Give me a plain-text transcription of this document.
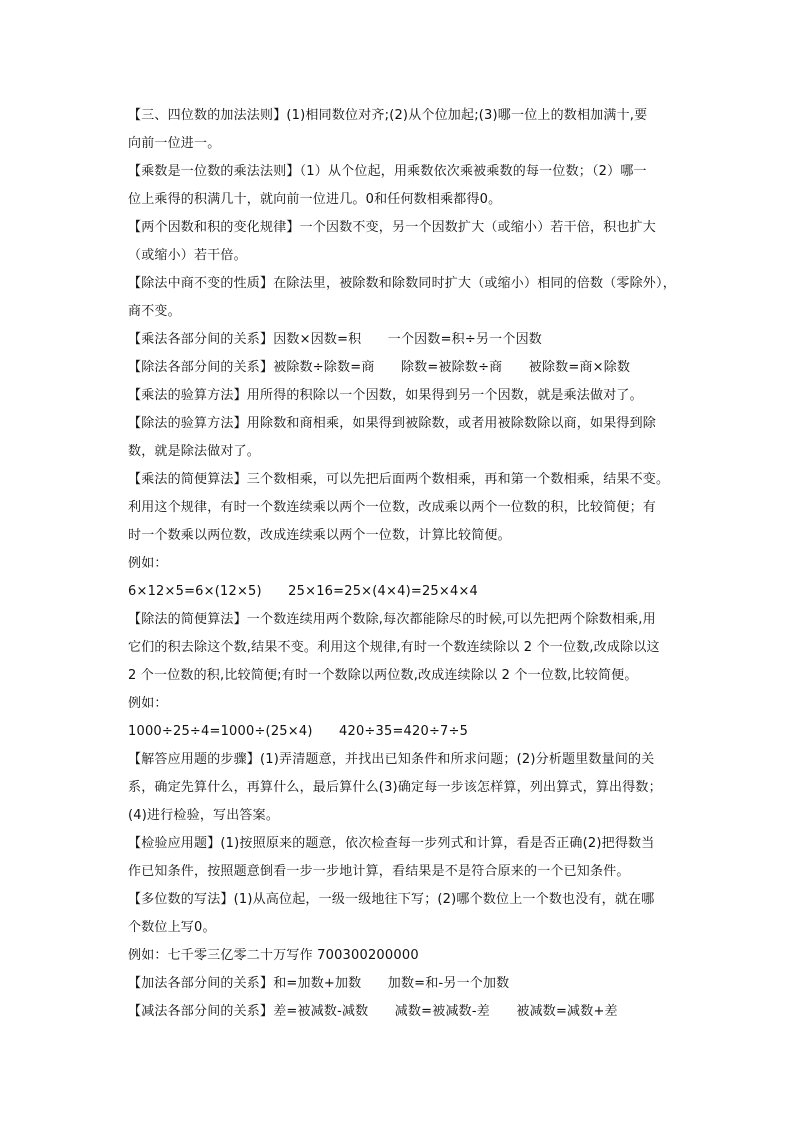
【三、四位数的加法法则】(1)相同数位对齐;(2)从个位加起;(3)哪一位上的数相加满十,要
向前一位进一。
【乘数是一位数的乘法法则】（1）从个位起，用乘数依次乘被乘数的每一位数；（2）哪一
位上乘得的积满几十，就向前一位进几。0和任何数相乘都得0。
【两个因数和积的变化规律】一个因数不变，另一个因数扩大（或缩小）若干倍，积也扩大
（或缩小）若干倍。
【除法中商不变的性质】在除法里，被除数和除数同时扩大（或缩小）相同的倍数（零除外），
商不变。
【乘法各部分间的关系】因数×因数=积　　一个因数=积÷另一个因数
【除法各部分间的关系】被除数÷除数=商　　除数=被除数÷商　　被除数=商×除数
【乘法的验算方法】用所得的积除以一个因数，如果得到另一个因数，就是乘法做对了。
【除法的验算方法】用除数和商相乘，如果得到被除数，或者用被除数除以商，如果得到除
数，就是除法做对了。
【乘法的简便算法】三个数相乘，可以先把后面两个数相乘，再和第一个数相乘，结果不变。
利用这个规律，有时一个数连续乘以两个一位数，改成乘以两个一位数的积，比较简便；有
时一个数乘以两位数，改成连续乘以两个一位数，计算比较简便。
例如：
6×12×5=6×(12×5)　　25×16=25×(4×4)=25×4×4
【除法的简便算法】一个数连续用两个数除,每次都能除尽的时候,可以先把两个除数相乘,用
它们的积去除这个数,结果不变。利用这个规律,有时一个数连续除以 2 个一位数,改成除以这
2 个一位数的积,比较简便;有时一个数除以两位数,改成连续除以 2 个一位数,比较简便。
例如：
1000÷25÷4=1000÷(25×4)　　420÷35=420÷7÷5
【解答应用题的步骤】(1)弄清题意，并找出已知条件和所求问题；(2)分析题里数量间的关
系，确定先算什么，再算什么，最后算什么(3)确定每一步该怎样算，列出算式，算出得数；
(4)进行检验，写出答案。
【检验应用题】(1)按照原来的题意，依次检查每一步列式和计算，看是否正确(2)把得数当
作已知条件，按照题意倒看一步一步地计算，看结果是不是符合原来的一个已知条件。
【多位数的写法】(1)从高位起，一级一级地往下写；(2)哪个数位上一个数也没有，就在哪
个数位上写0。
例如：七千零三亿零二十万写作 700300200000
【加法各部分间的关系】和=加数+加数　　加数=和-另一个加数
【减法各部分间的关系】差=被减数-减数　　减数=被减数-差　　被减数=减数+差
